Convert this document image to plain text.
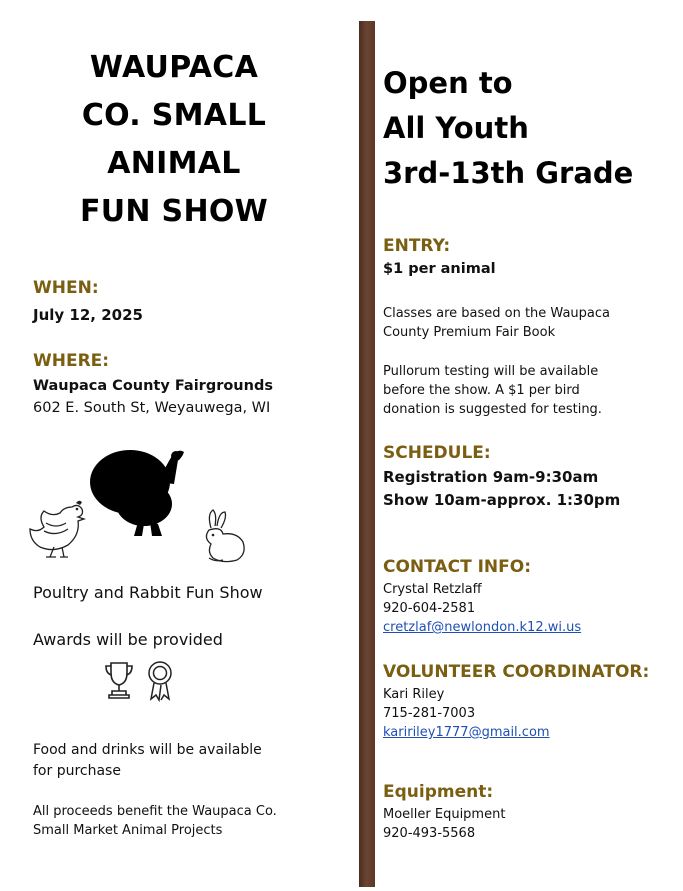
WAUPACA
CO. SMALL
ANIMAL
FUN SHOW
WHEN:
July 12, 2025
WHERE:
Waupaca County Fairgrounds
602 E. South St, Weyauwega, WI
Poultry and Rabbit Fun Show
Awards will be provided
Food and drinks will be available
for purchase
All proceeds benefit the Waupaca Co.
Small Market Animal Projects
Open to
All Youth
3rd-13th Grade
ENTRY:
$1 per animal
Classes are based on the Waupaca
County Premium Fair Book
Pullorum testing will be available
before the show. A $1 per bird
donation is suggested for testing.
SCHEDULE:
Registration 9am-9:30am
Show 10am-approx. 1:30pm
CONTACT INFO:
Crystal Retzlaff
920-604-2581
cretzlaf@newlondon.k12.wi.us
VOLUNTEER COORDINATOR:
Kari Riley
715-281-7003
kaririley1777@gmail.com
Equipment:
Moeller Equipment
920-493-5568
